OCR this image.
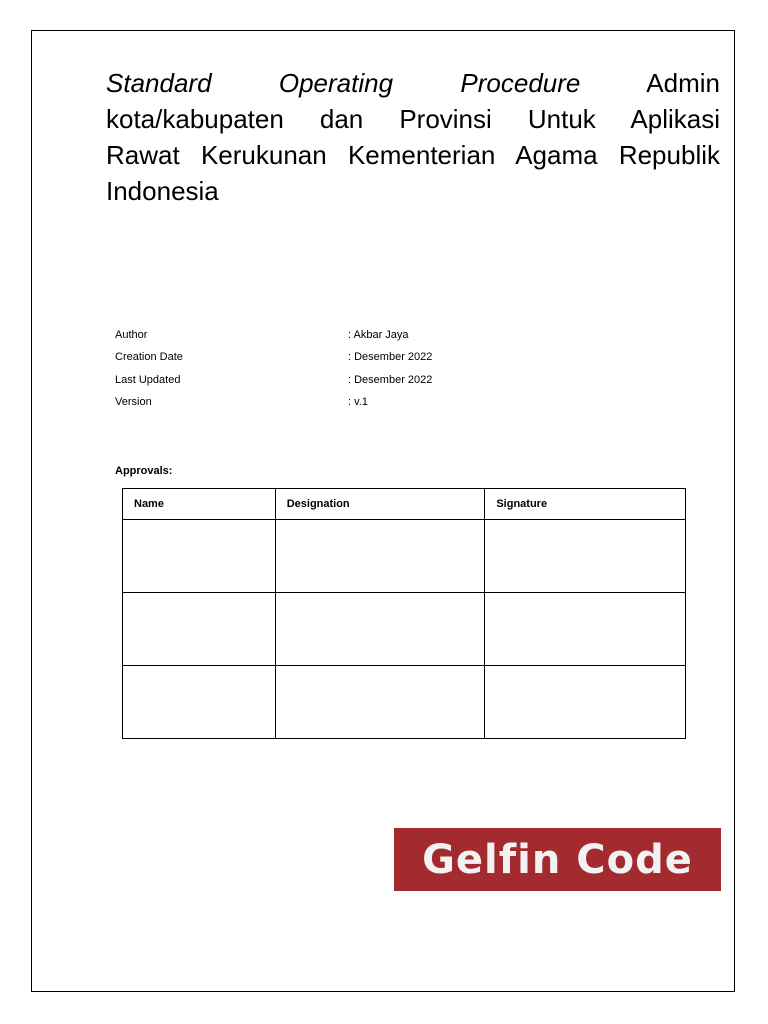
Standard Operating Procedure	Admin
kota/kabupaten dan Provinsi Untuk Aplikasi
Rawat Kerukunan Kementerian Agama Republik
Indonesia
Author	: Akbar Jaya
Creation Date	: Desember 2022
Last Updated	: Desember 2022
Version	: v.1
Approvals:
Name	Designation	Signature

Gelfin Code
